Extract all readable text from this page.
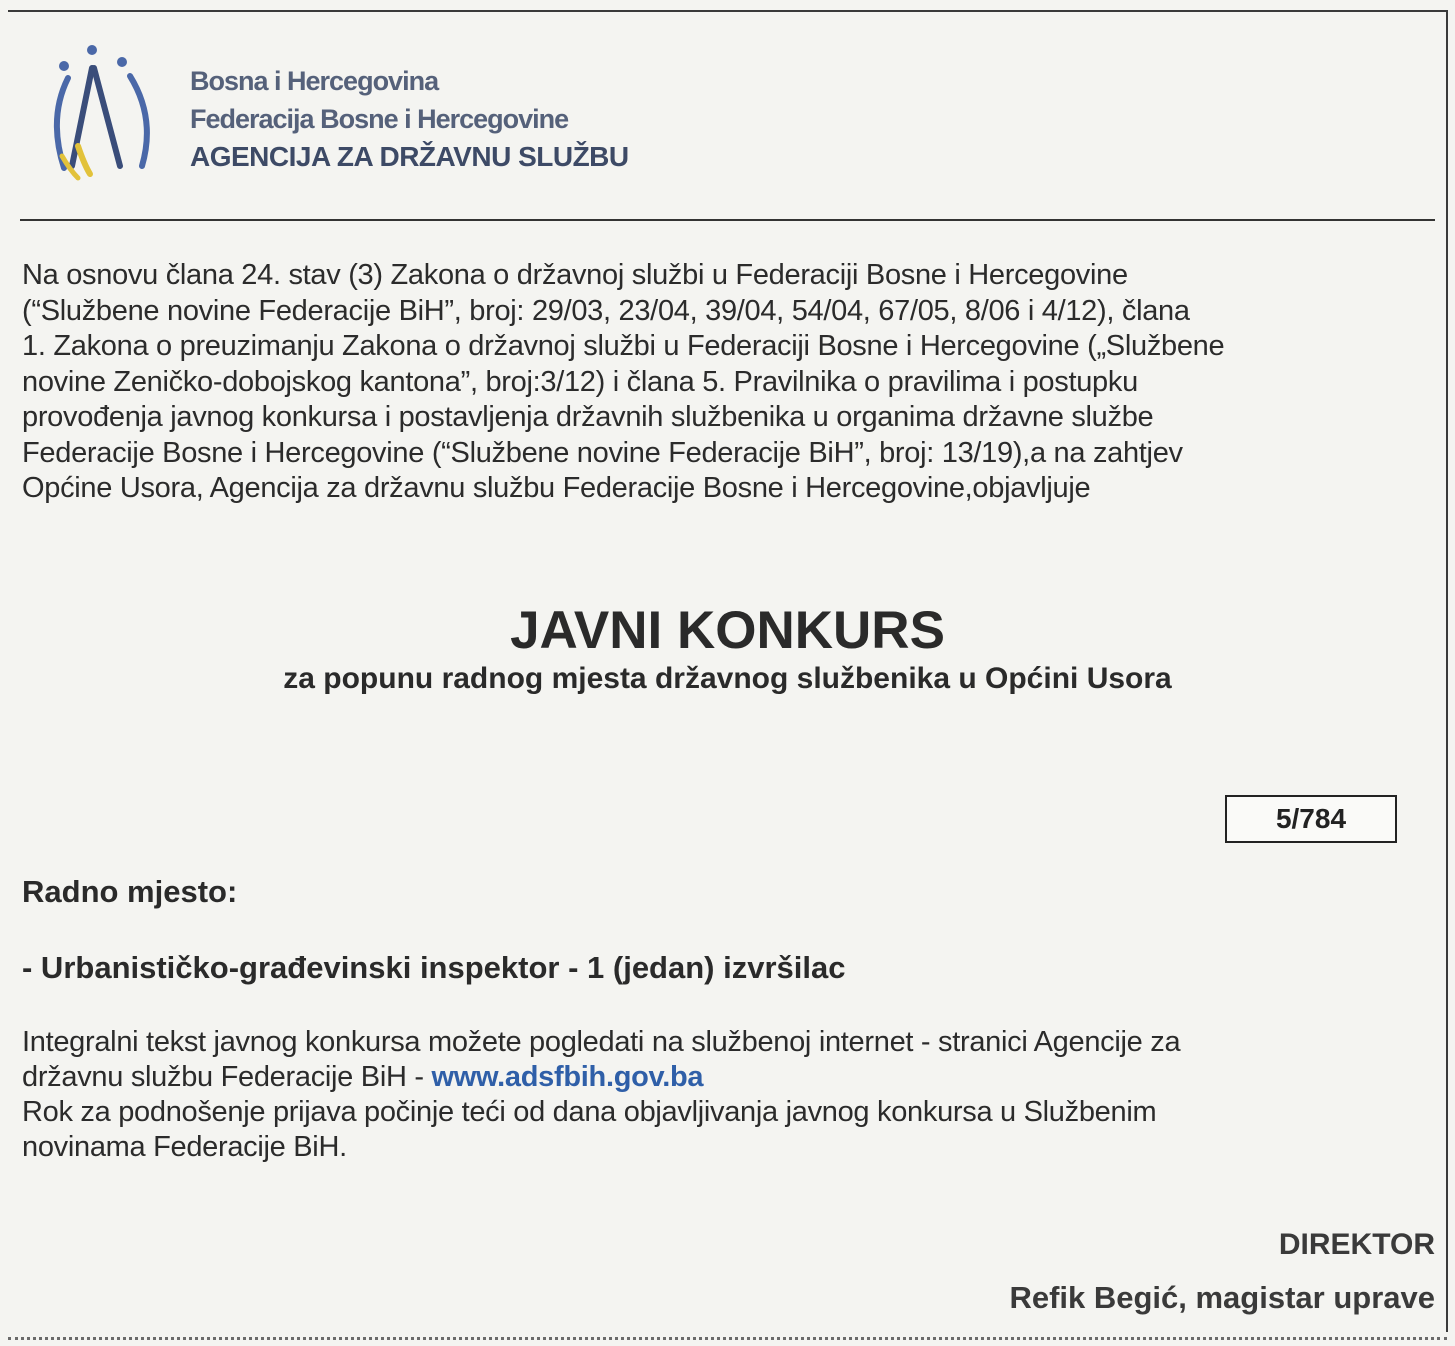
Bosna i Hercegovina
Federacija Bosne i Hercegovine
AGENCIJA ZA DRŽAVNU SLUŽBU
Na osnovu člana 24. stav (3) Zakona o državnoj službi u Federaciji Bosne i Hercegovine
(“Službene novine Federacije BiH”, broj: 29/03, 23/04, 39/04, 54/04, 67/05, 8/06 i 4/12), člana
1. Zakona o preuzimanju Zakona o državnoj službi u Federaciji Bosne i Hercegovine („Službene
novine Zeničko-dobojskog kantona”, broj:3/12) i člana 5. Pravilnika o pravilima i postupku
provođenja javnog konkursa i postavljenja državnih službenika u organima državne službe
Federacije Bosne i Hercegovine (“Službene novine Federacije BiH”, broj: 13/19),a na zahtjev
Općine Usora, Agencija za državnu službu Federacije Bosne i Hercegovine,objavljuje
JAVNI KONKURS
za popunu radnog mjesta državnog službenika u Općini Usora
5/784
Radno mjesto:
- Urbanističko-građevinski inspektor - 1 (jedan) izvršilac
Integralni tekst javnog konkursa možete pogledati na službenoj internet - stranici Agencije za
državnu službu Federacije BiH - www.adsfbih.gov.ba
Rok za podnošenje prijava počinje teći od dana objavljivanja javnog konkursa u Službenim
novinama Federacije BiH.
DIREKTOR
Refik Begić, magistar uprave
